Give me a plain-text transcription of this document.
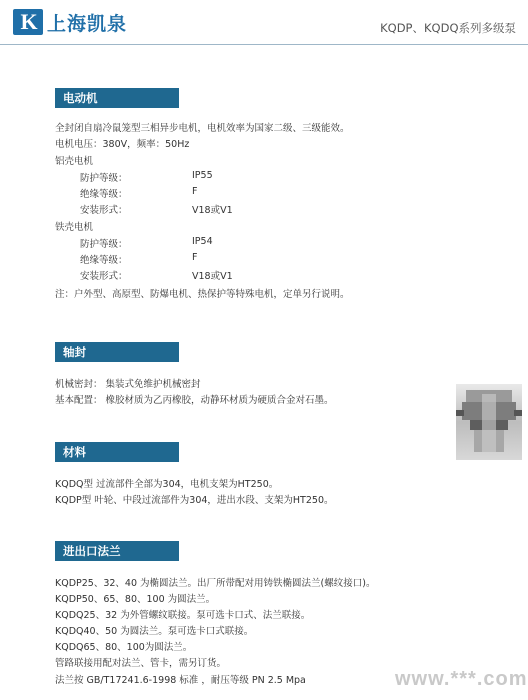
K 上海凯泉	KQDP、KQDQ系列多级泵
电动机
全封闭自扇冷鼠笼型三相异步电机，电机效率为国家二级、三级能效。
电机电压：380V，频率：50Hz
铝壳电机
防护等级：	IP55
绝缘等级：	F
安装形式：	V18或V1
铁壳电机
防护等级：	IP54
绝缘等级：	F
安装形式：	V18或V1
注：户外型、高原型、防爆电机、热保护等特殊电机，定单另行说明。
轴封
机械密封： 集装式免维护机械密封
基本配置： 橡胶材质为乙丙橡胶，动静环材质为硬质合金对石墨。
材料
KQDQ型 过流部件全部为304，电机支架为HT250。
KQDP型 叶轮、中段过流部件为304，进出水段、支架为HT250。
进出口法兰
KQDP25、32、40 为椭圆法兰。出厂所带配对用铸铁椭圆法兰(螺纹接口)。
KQDP50、65、80、100 为圆法兰。
KQDQ25、32 为外管螺纹联接。泵可选卡口式、法兰联接。
KQDQ40、50 为圆法兰。泵可选卡口式联接。
KQDQ65、80、100为圆法兰。
管路联接用配对法兰、管卡，需另订货。
法兰按 GB/T17241.6-1998 标准 ，耐压等级 PN 2.5 Mpa	www.***.com
